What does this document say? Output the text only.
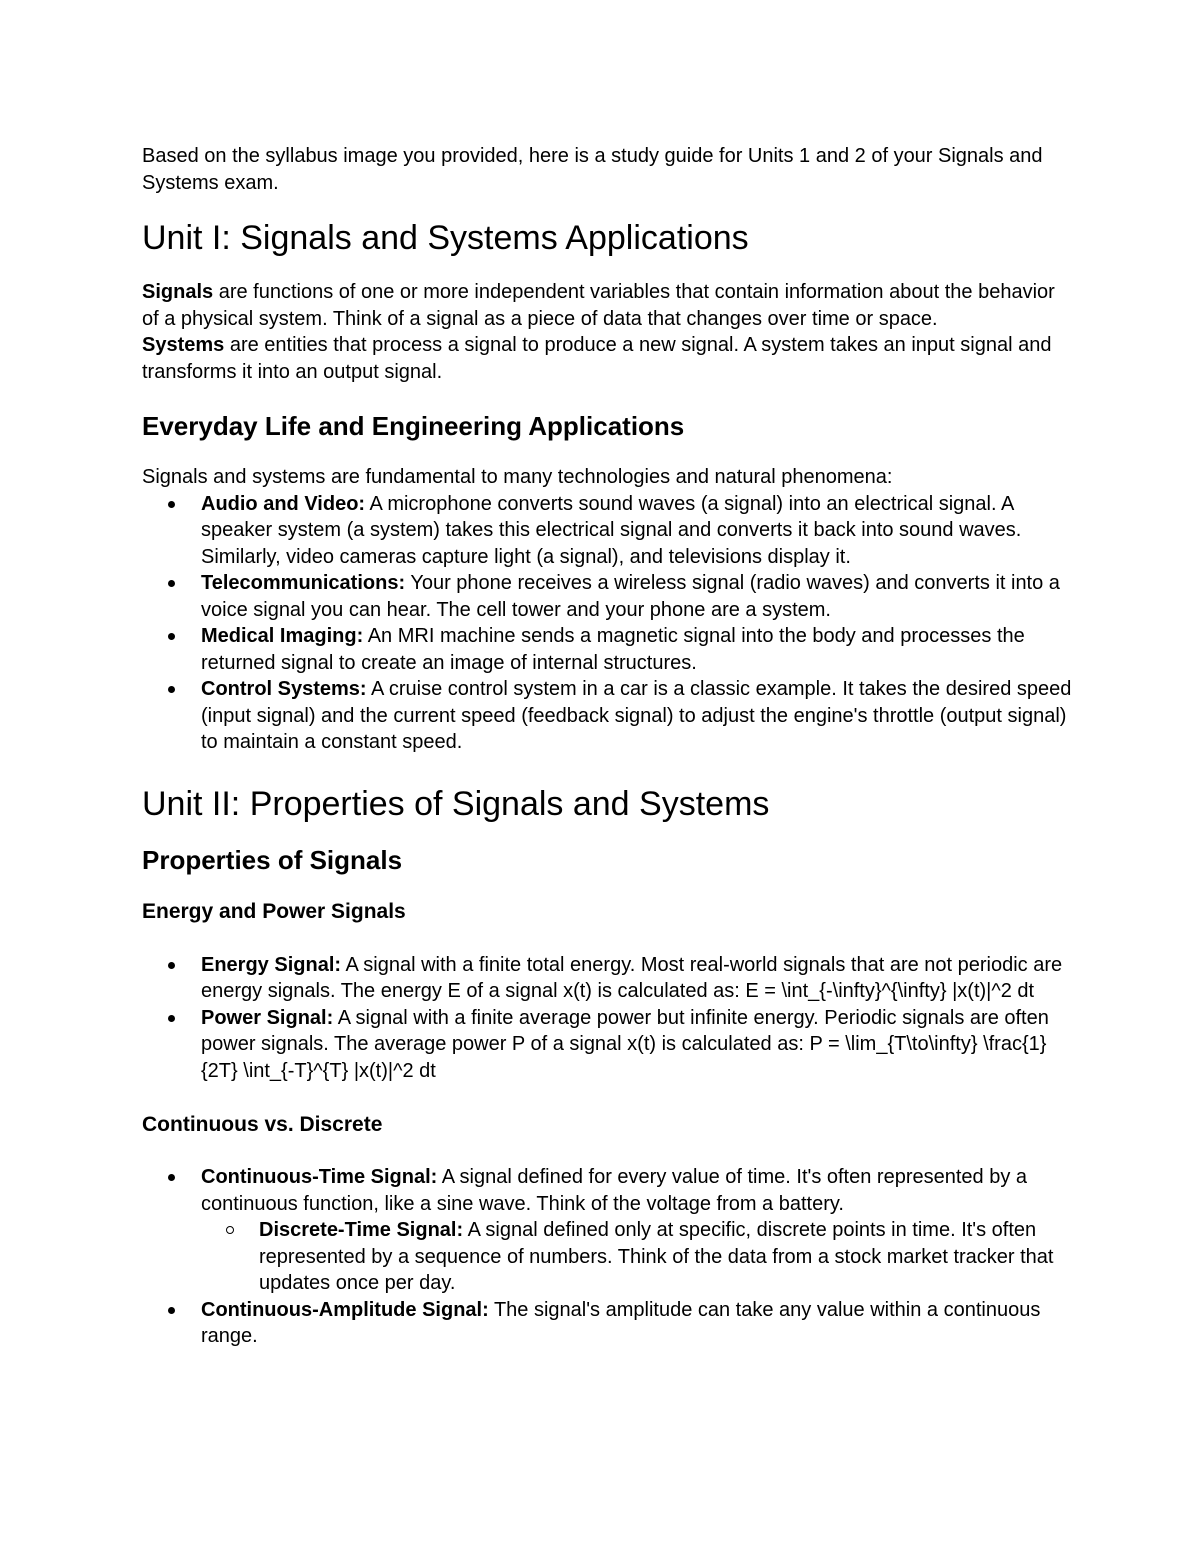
Based on the syllabus image you provided, here is a study guide for Units 1 and 2 of your Signals and Systems exam.

Unit I: Signals and Systems Applications

Signals are functions of one or more independent variables that contain information about the behavior of a physical system. Think of a signal as a piece of data that changes over time or space.

Systems are entities that process a signal to produce a new signal. A system takes an input signal and transforms it into an output signal.

Everyday Life and Engineering Applications

Signals and systems are fundamental to many technologies and natural phenomena:

Audio and Video: A microphone converts sound waves (a signal) into an electrical signal. A speaker system (a system) takes this electrical signal and converts it back into sound waves. Similarly, video cameras capture light (a signal), and televisions display it.
Telecommunications: Your phone receives a wireless signal (radio waves) and converts it into a voice signal you can hear. The cell tower and your phone are a system.
Medical Imaging: An MRI machine sends a magnetic signal into the body and processes the returned signal to create an image of internal structures.
Control Systems: A cruise control system in a car is a classic example. It takes the desired speed (input signal) and the current speed (feedback signal) to adjust the engine's throttle (output signal) to maintain a constant speed.
Unit II: Properties of Signals and Systems
Properties of Signals
Energy and Power Signals
Energy Signal: A signal with a finite total energy. Most real-world signals that are not periodic are energy signals. The energy E of a signal x(t) is calculated as: E = \int_{-\infty}^{\infty} |x(t)|^2 dt
Power Signal: A signal with a finite average power but infinite energy. Periodic signals are often power signals. The average power P of a signal x(t) is calculated as: P = \lim_{T\to\infty} \frac{1}{2T} \int_{-T}^{T} |x(t)|^2 dt
Continuous vs. Discrete
Continuous-Time Signal: A signal defined for every value of time. It's often represented by a continuous function, like a sine wave. Think of the voltage from a battery.
Discrete-Time Signal: A signal defined only at specific, discrete points in time. It's often represented by a sequence of numbers. Think of the data from a stock market tracker that updates once per day.
Continuous-Amplitude Signal: The signal's amplitude can take any value within a continuous range.
